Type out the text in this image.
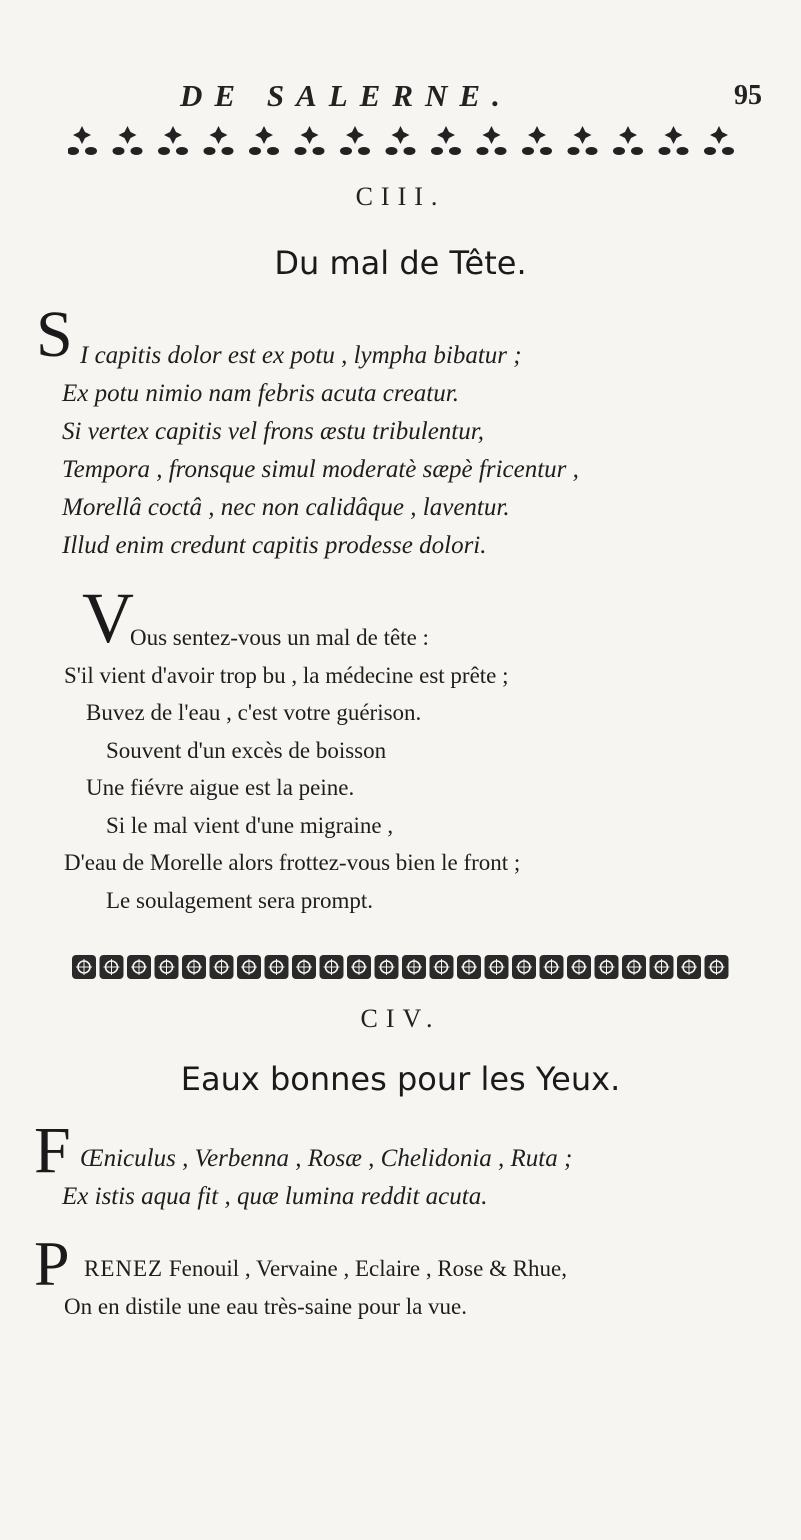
DE SALERNE.	95
CIII.
Du mal de Tête.
S I capitis dolor est ex potu , lympha bibatur ;
Ex potu nimio nam febris acuta creatur.
Si vertex capitis vel frons æstu tribulentur,
Tempora , fronsque simul moderatè sæpè fricentur ,
Morellâ coctâ , nec non calidâque , laventur.
Illud enim credunt capitis prodesse dolori.
V
Ous sentez-vous un mal de tête :
S'il vient d'avoir trop bu , la médecine est prête ;
Buvez de l'eau , c'est votre guérison.
Souvent d'un excès de boisson
Une fiévre aigue est la peine.
Si le mal vient d'une migraine ,
D'eau de Morelle alors frottez-vous bien le front ;
Le soulagement sera prompt.
CIV.
Eaux bonnes pour les Yeux.
F Œniculus , Verbenna , Rosæ , Chelidonia , Ruta ;
Ex istis aqua fit , quæ lumina reddit acuta.
P RENEZ Fenouil , Vervaine , Eclaire , Rose & Rhue,
On en distile une eau très-saine pour la vue.
